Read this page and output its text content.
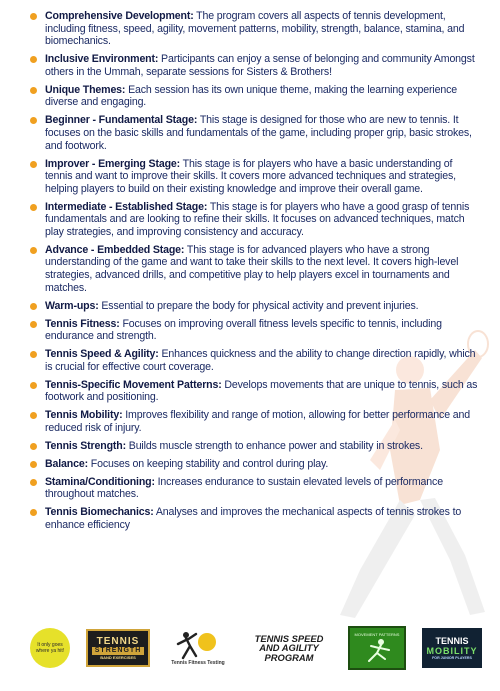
Comprehensive Development: The program covers all aspects of tennis development, including fitness, speed, agility, movement patterns, mobility, strength, balance, stamina, and biomechanics.
Inclusive Environment: Participants can enjoy a sense of belonging and community Amongst others in the Ummah, separate sessions for Sisters & Brothers!
Unique Themes: Each session has its own unique theme, making the learning experience diverse and engaging.
Beginner - Fundamental Stage: This stage is designed for those who are new to tennis. It focuses on the basic skills and fundamentals of the game, including proper grip, basic strokes, and footwork.
Improver - Emerging Stage: This stage is for players who have a basic understanding of tennis and want to improve their skills. It covers more advanced techniques and strategies, helping players to build on their existing knowledge and improve their overall game.
Intermediate - Established Stage: This stage is for players who have a good grasp of tennis fundamentals and are looking to refine their skills. It focuses on advanced techniques, match play strategies, and improving consistency and accuracy.
Advance - Embedded Stage: This stage is for advanced players who have a strong understanding of the game and want to take their skills to the next level. It covers high-level strategies, advanced drills, and competitive play to help players excel in tournaments and matches.
Warm-ups: Essential to prepare the body for physical activity and prevent injuries.
Tennis Fitness: Focuses on improving overall fitness levels specific to tennis, including endurance and strength.
Tennis Speed & Agility: Enhances quickness and the ability to change direction rapidly, which is crucial for effective court coverage.
Tennis-Specific Movement Patterns: Develops movements that are unique to tennis, such as footwork and positioning.
Tennis Mobility: Improves flexibility and range of motion, allowing for better performance and reduced risk of injury.
Tennis Strength: Builds muscle strength to enhance power and stability in strokes.
Balance: Focuses on keeping stability and control during play.
Stamina/Conditioning: Increases endurance to sustain elevated levels of performance throughout matches.
Tennis Biomechanics: Analyses and improves the mechanical aspects of tennis strokes to enhance efficiency
It only goes where ya hit!
TENNIS
STRENGTH
BAND EXERCISES
Tennis Fitness Testing
TENNIS SPEED
AND AGILITY
PROGRAM
MOVEMENT PATTERNS
TENNIS
MOBILITY
FOR JUNIOR PLAYERS
